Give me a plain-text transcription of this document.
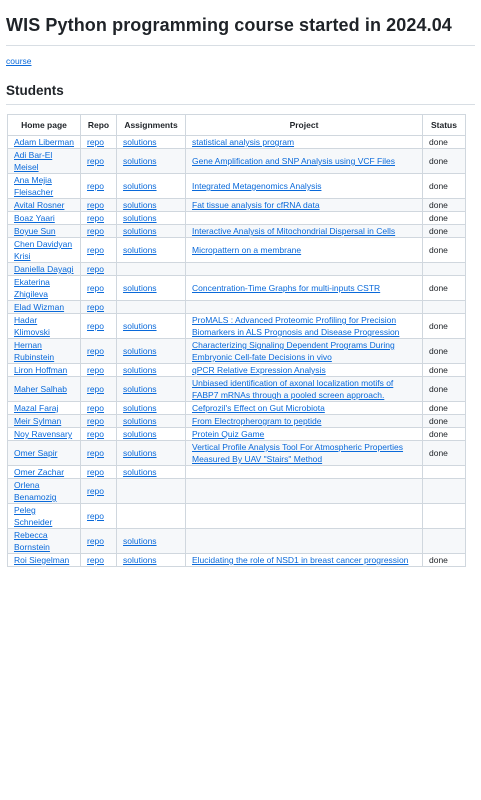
WIS Python programming course started in 2024.04
course
Students
Home page	Repo	Assignments	Project	Status
Adam Liberman	repo	solutions	statistical analysis program	done
Adi Bar-El Meisel	repo	solutions	Gene Amplification and SNP Analysis using VCF Files	done
Ana Mejia Fleisacher	repo	solutions	Integrated Metagenomics Analysis	done
Avital Rosner	repo	solutions	Fat tissue analysis for cfRNA data	done
Boaz Yaari	repo	solutions		done
Boyue Sun	repo	solutions	Interactive Analysis of Mitochondrial Dispersal in Cells	done
Chen Davidyan Krisi	repo	solutions	Micropattern on a membrane	done
Daniella Dayagi	repo			
Ekaterina Zhigileva	repo	solutions	Concentration-Time Graphs for multi-inputs CSTR	done
Elad Wizman	repo			
Hadar Klimovski	repo	solutions	ProMALS : Advanced Proteomic Profiling for Precision Biomarkers in ALS Prognosis and Disease Progression	done
Hernan Rubinstein	repo	solutions	Characterizing Signaling Dependent Programs During Embryonic Cell-fate Decisions in vivo	done
Liron Hoffman	repo	solutions	qPCR Relative Expression Analysis	done
Maher Salhab	repo	solutions	Unbiased identification of axonal localization motifs of FABP7 mRNAs through a pooled screen approach.	done
Mazal Faraj	repo	solutions	Cefprozil's Effect on Gut Microbiota	done
Meir Sylman	repo	solutions	From Electropherogram to peptide	done
Noy Ravensary	repo	solutions	Protein Quiz Game	done
Omer Sapir	repo	solutions	Vertical Profile Analysis Tool For Atmospheric Properties Measured By UAV "Stairs" Method	done
Omer Zachar	repo	solutions		
Orlena Benamozig	repo			
Peleg Schneider	repo			
Rebecca Bornstein	repo	solutions		
Roi Siegelman	repo	solutions	Elucidating the role of NSD1 in breast cancer progression	done
